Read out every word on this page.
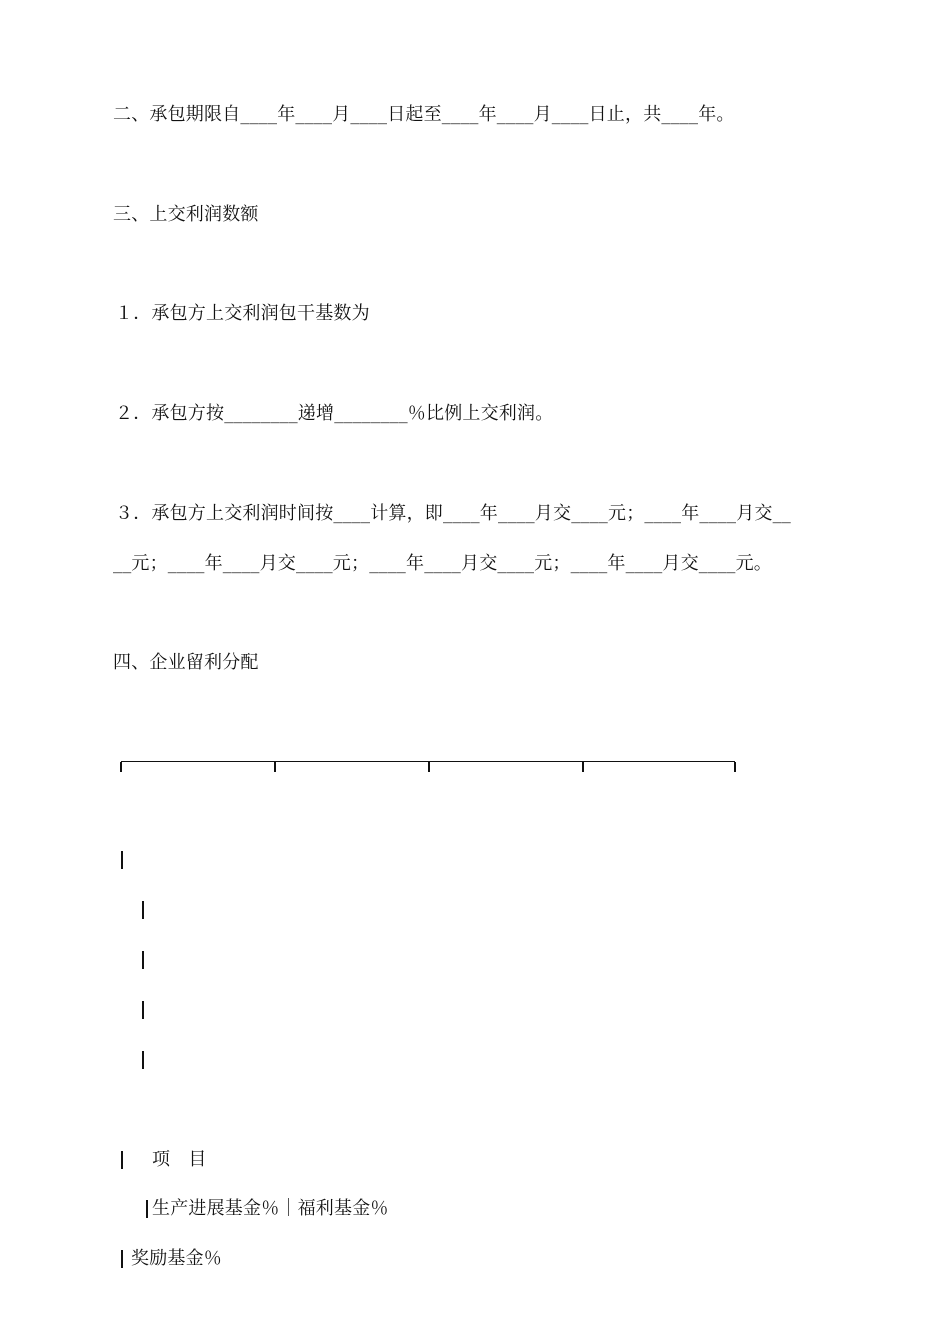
二、承包期限自____年____月____日起至____年____月____日止，共____年。
三、上交利润数额
１．承包方上交利润包干基数为
２．承包方按________递增________％比例上交利润。
３．承包方上交利润时间按____计算，即____年____月交____元；____年____月交__
__元；____年____月交____元；____年____月交____元；____年____月交____元。
四、企业留利分配
项　目
生产进展基金％｜福利基金％
奖励基金％
